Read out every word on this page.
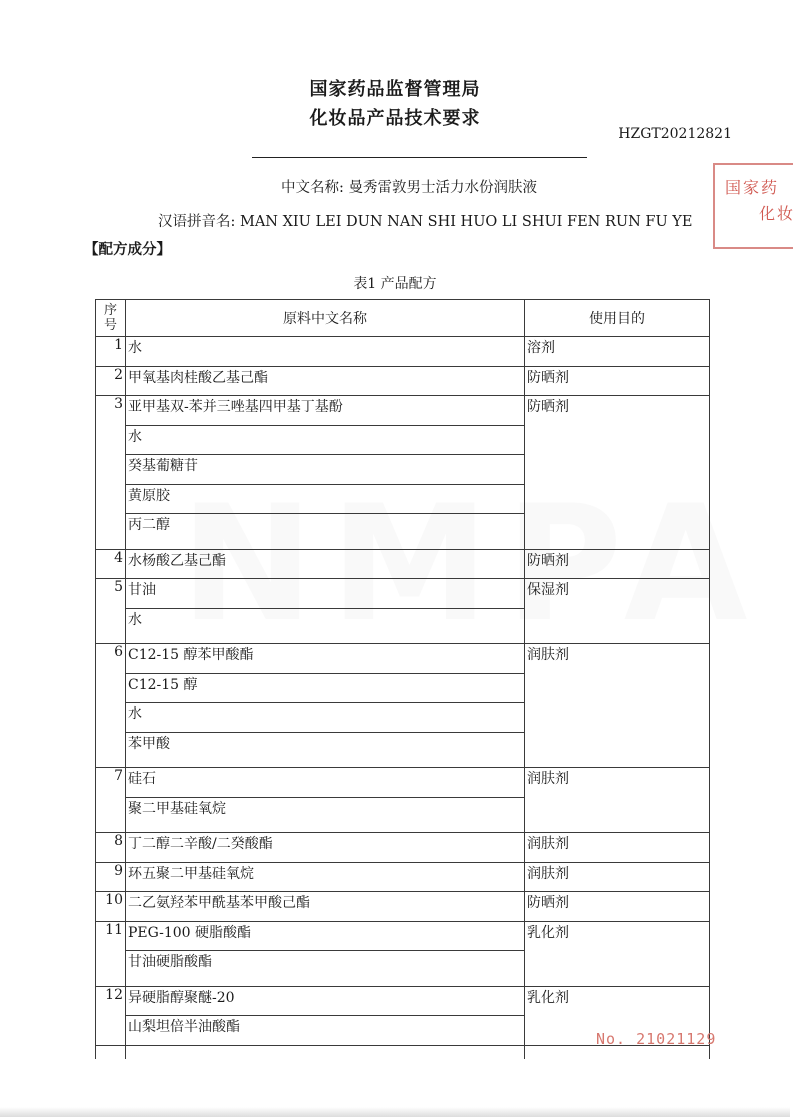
国家药品监督管理局
化妆品产品技术要求
HZGT20212821
中文名称: 曼秀雷敦男士活力水份润肤液
汉语拼音名: MAN XIU LEI DUN NAN SHI HUO LI SHUI FEN RUN FU YE
【配方成分】
国家药
化妆
表1 产品配方
序号	原料中文名称	使用目的
1	水	溶剂
2	甲氧基肉桂酸乙基己酯	防晒剂
3	亚甲基双-苯并三唑基四甲基丁基酚	防晒剂
	水	
	癸基葡糖苷	
	黄原胶	
	丙二醇	
4	水杨酸乙基己酯	防晒剂
5	甘油	保湿剂
	水	
6	C12-15 醇苯甲酸酯	润肤剂
	C12-15 醇	
	水	
	苯甲酸	
7	硅石	润肤剂
	聚二甲基硅氧烷	
8	丁二醇二辛酸/二癸酸酯	润肤剂
9	环五聚二甲基硅氧烷	润肤剂
10	二乙氨羟苯甲酰基苯甲酸己酯	防晒剂
11	PEG-100 硬脂酸酯	乳化剂
	甘油硬脂酸酯	
12	异硬脂醇聚醚-20	乳化剂
	山梨坦倍半油酸酯	

No. 21021129
